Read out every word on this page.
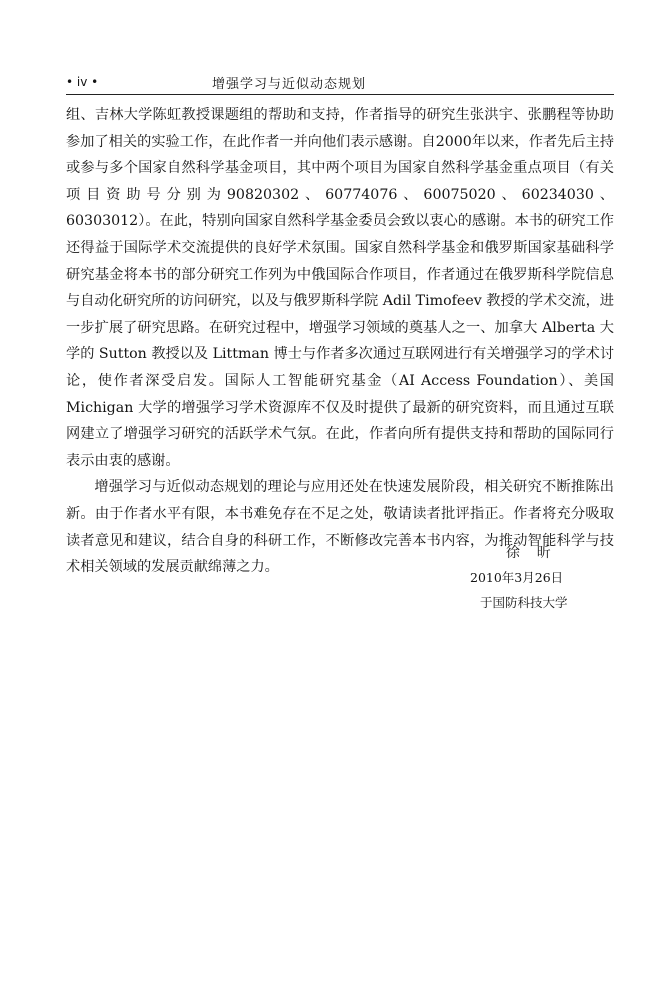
• iv •	增强学习与近似动态规划

组、吉林大学陈虹教授课题组的帮助和支持，作者指导的研究生张洪宇、张鹏程等协助参加了相关的实验工作，在此作者一并向他们表示感谢。自2000年以来，作者先后主持或参与多个国家自然科学基金项目，其中两个项目为国家自然科学基金重点项目（有关项目资助号分别为90820302、60774076、60075020、60234030、60303012）。在此，特别向国家自然科学基金委员会致以衷心的感谢。本书的研究工作还得益于国际学术交流提供的良好学术氛围。国家自然科学基金和俄罗斯国家基础科学研究基金将本书的部分研究工作列为中俄国际合作项目，作者通过在俄罗斯科学院信息与自动化研究所的访问研究，以及与俄罗斯科学院 Adil Timofeev 教授的学术交流，进一步扩展了研究思路。在研究过程中，增强学习领域的奠基人之一、加拿大 Alberta 大学的 Sutton 教授以及 Littman 博士与作者多次通过互联网进行有关增强学习的学术讨论，使作者深受启发。国际人工智能研究基金（AI Access Foundation）、美国 Michigan 大学的增强学习学术资源库不仅及时提供了最新的研究资料，而且通过互联网建立了增强学习研究的活跃学术气氛。在此，作者向所有提供支持和帮助的国际同行表示由衷的感谢。

增强学习与近似动态规划的理论与应用还处在快速发展阶段，相关研究不断推陈出新。由于作者水平有限，本书难免存在不足之处，敬请读者批评指正。作者将充分吸取读者意见和建议，结合自身的科研工作，不断修改完善本书内容，为推动智能科学与技术相关领域的发展贡献绵薄之力。

徐昕
2010年3月26日
于国防科技大学
